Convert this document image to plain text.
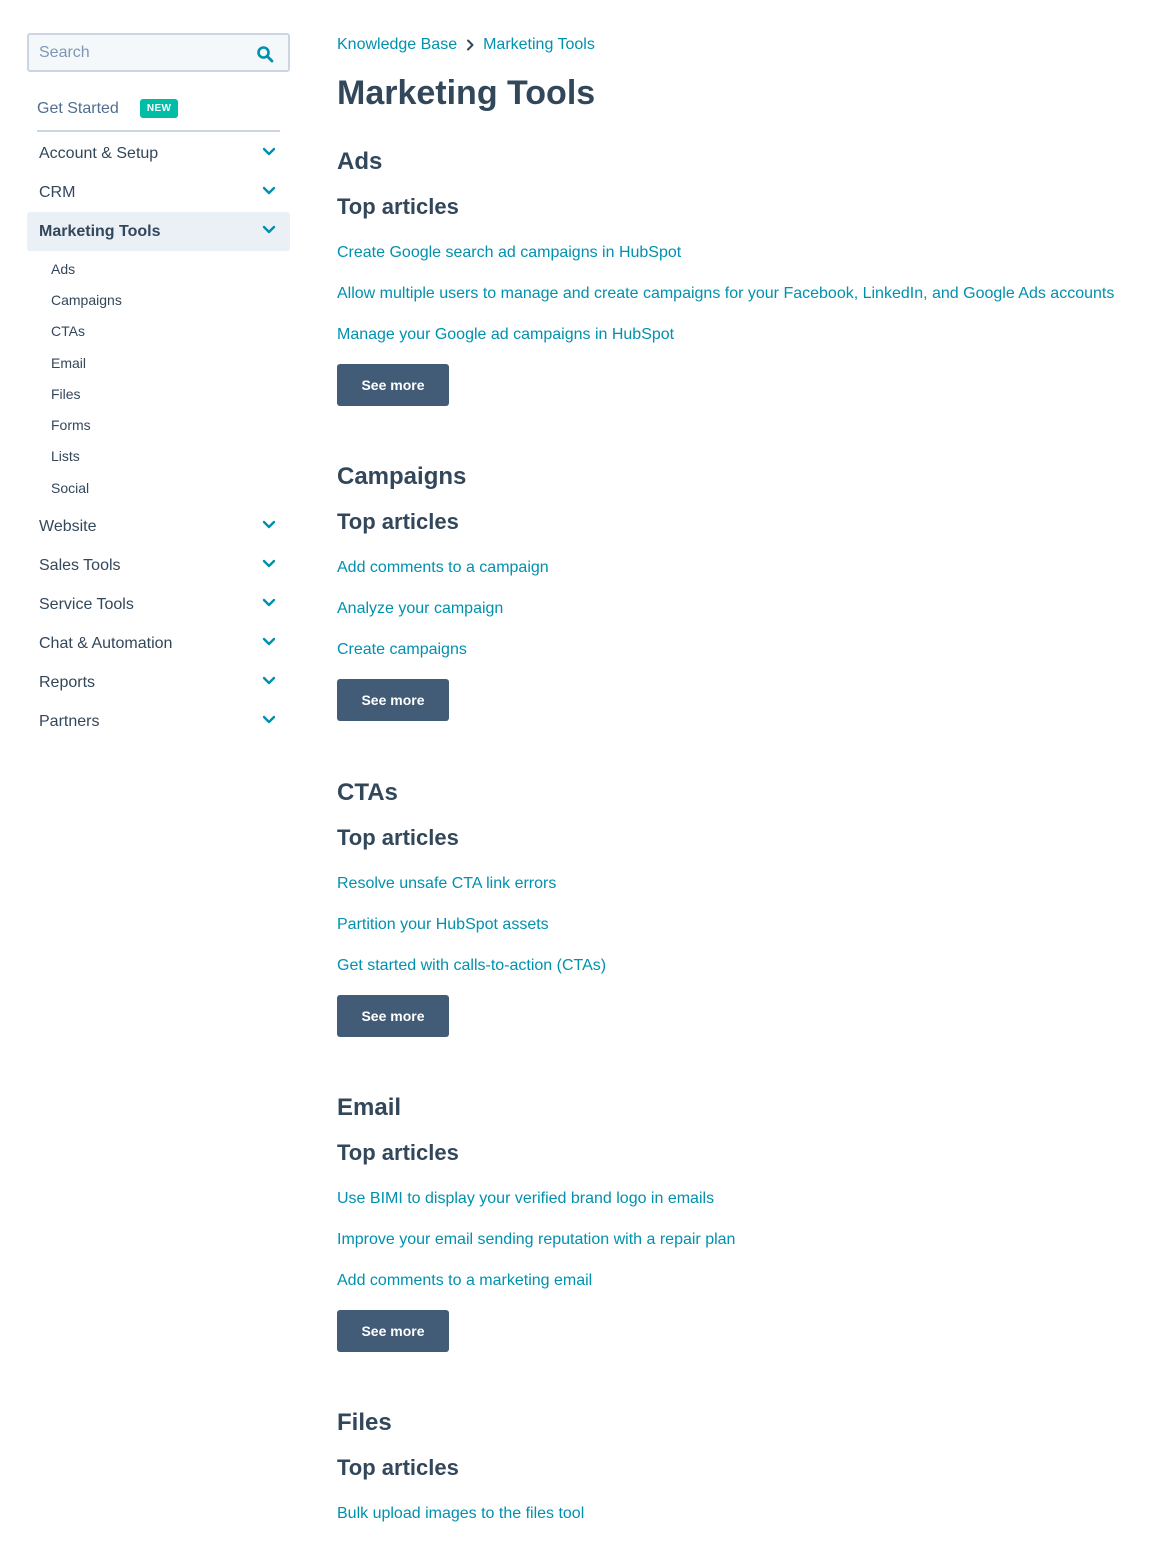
Search
Get Started	NEW
Account & Setup
CRM
Marketing Tools
Ads
Campaigns
CTAs
Email
Files
Forms
Lists
Social
Website
Sales Tools
Service Tools
Chat & Automation
Reports
Partners
Knowledge Base Marketing Tools
Marketing Tools
Ads
Top articles
Create Google search ad campaigns in HubSpot
Allow multiple users to manage and create campaigns for your Facebook, LinkedIn, and Google Ads accounts
Manage your Google ad campaigns in HubSpot
See more
Campaigns
Top articles
Add comments to a campaign
Analyze your campaign
Create campaigns
See more
CTAs
Top articles
Resolve unsafe CTA link errors
Partition your HubSpot assets
Get started with calls-to-action (CTAs)
See more
Email
Top articles
Use BIMI to display your verified brand logo in emails
Improve your email sending reputation with a repair plan
Add comments to a marketing email
See more
Files
Top articles
Bulk upload images to the files tool
